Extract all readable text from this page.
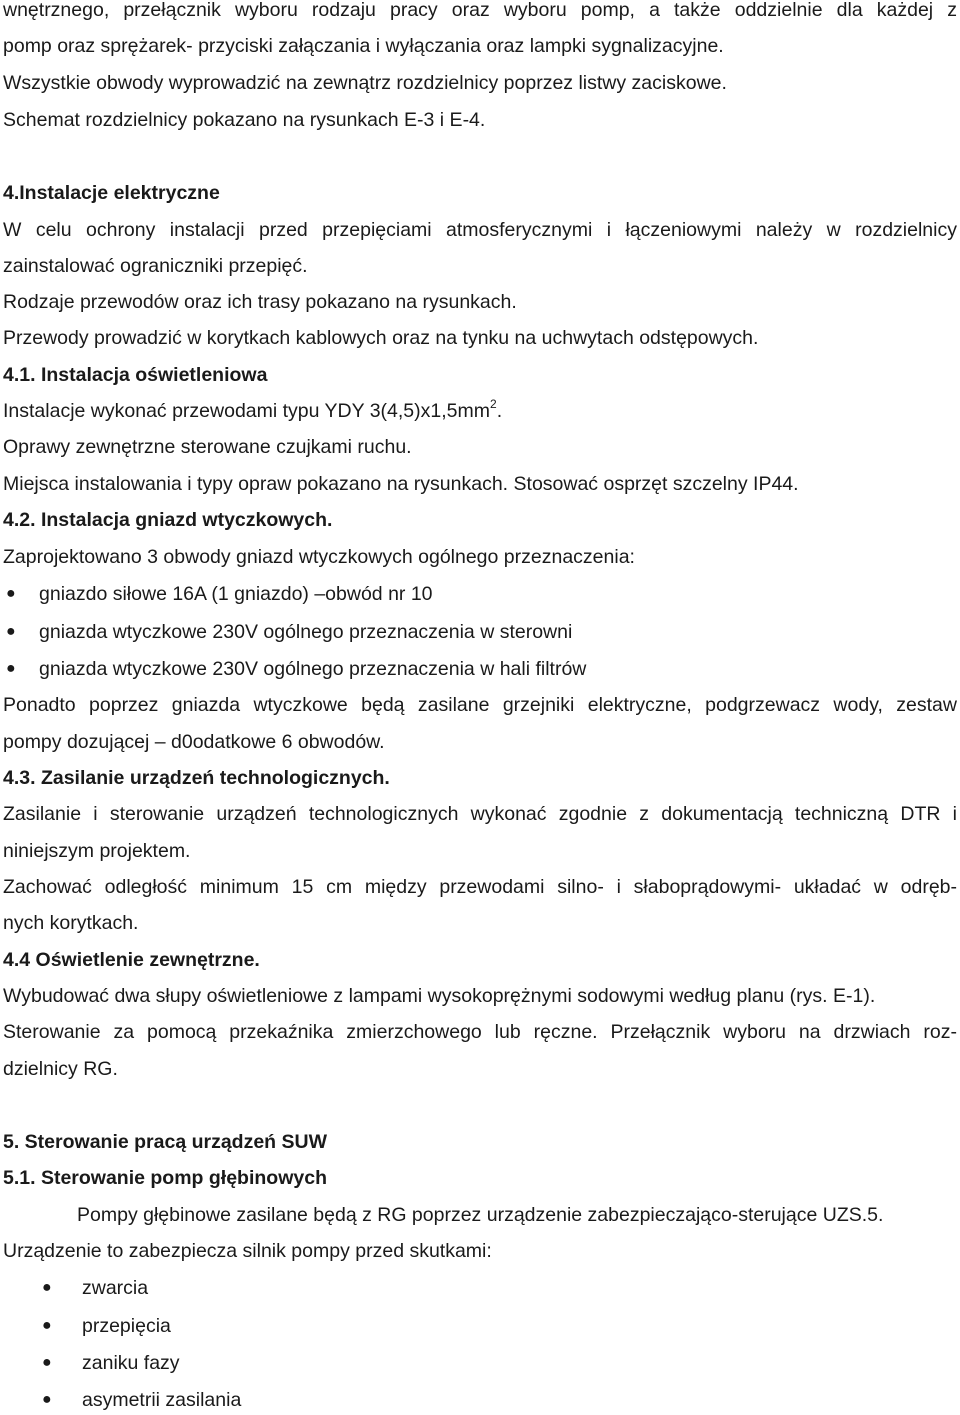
wnętrznego, przełącznik wyboru rodzaju pracy oraz wyboru pomp, a także oddzielnie dla każdej z

pomp oraz sprężarek- przyciski załączania i wyłączania oraz lampki sygnalizacyjne.

Wszystkie obwody wyprowadzić na zewnątrz rozdzielnicy poprzez listwy zaciskowe.

Schemat rozdzielnicy pokazano na rysunkach E-3 i E-4.

4.Instalacje elektryczne

W celu ochrony instalacji przed przepięciami atmosferycznymi i łączeniowymi należy w rozdzielnicy

zainstalować ograniczniki przepięć.

Rodzaje przewodów oraz ich trasy pokazano na rysunkach.

Przewody prowadzić w korytkach kablowych oraz na tynku na uchwytach odstępowych.

4.1. Instalacja oświetleniowa

Instalacje wykonać przewodami typu YDY $3(4,5)x1,5mm^2$.

Oprawy zewnętrzne sterowane czujkami ruchu.

Miejsca instalowania i typy opraw pokazano na rysunkach. Stosować osprzęt szczelny IP44.

4.2. Instalacja gniazd wtyczkowych.

Zaprojektowano 3 obwody gniazd wtyczkowych ogólnego przeznaczenia:

● gniazdo siłowe 16A (1 gniazdo) –obwód nr 10

● gniazda wtyczkowe 230V ogólnego przeznaczenia w sterowni

● gniazda wtyczkowe 230V ogólnego przeznaczenia w hali filtrów

Ponadto poprzez gniazda wtyczkowe będą zasilane grzejniki elektryczne, podgrzewacz wody, zestaw

pompy dozującej – d0odatkowe 6 obwodów.

4.3. Zasilanie urządzeń technologicznych.

Zasilanie i sterowanie urządzeń technologicznych wykonać zgodnie z dokumentacją techniczną DTR i

niniejszym projektem.

Zachować odległość minimum 15 cm między przewodami silno- i słaboprądowymi- układać w odręb-

nych korytkach.

4.4 Oświetlenie zewnętrzne.

Wybudować dwa słupy oświetleniowe z lampami wysokoprężnymi sodowymi według planu (rys. E-1).

Sterowanie za pomocą przekaźnika zmierzchowego lub ręczne. Przełącznik wyboru na drzwiach roz-

dzielnicy RG.

5. Sterowanie pracą urządzeń SUW

5.1. Sterowanie pomp głębinowych

Pompy głębinowe zasilane będą z RG poprzez urządzenie zabezpieczająco-sterujące UZS.5.

Urządzenie to zabezpiecza silnik pompy przed skutkami:

● zwarcia

● przepięcia

● zaniku fazy

● asymetrii zasilania
